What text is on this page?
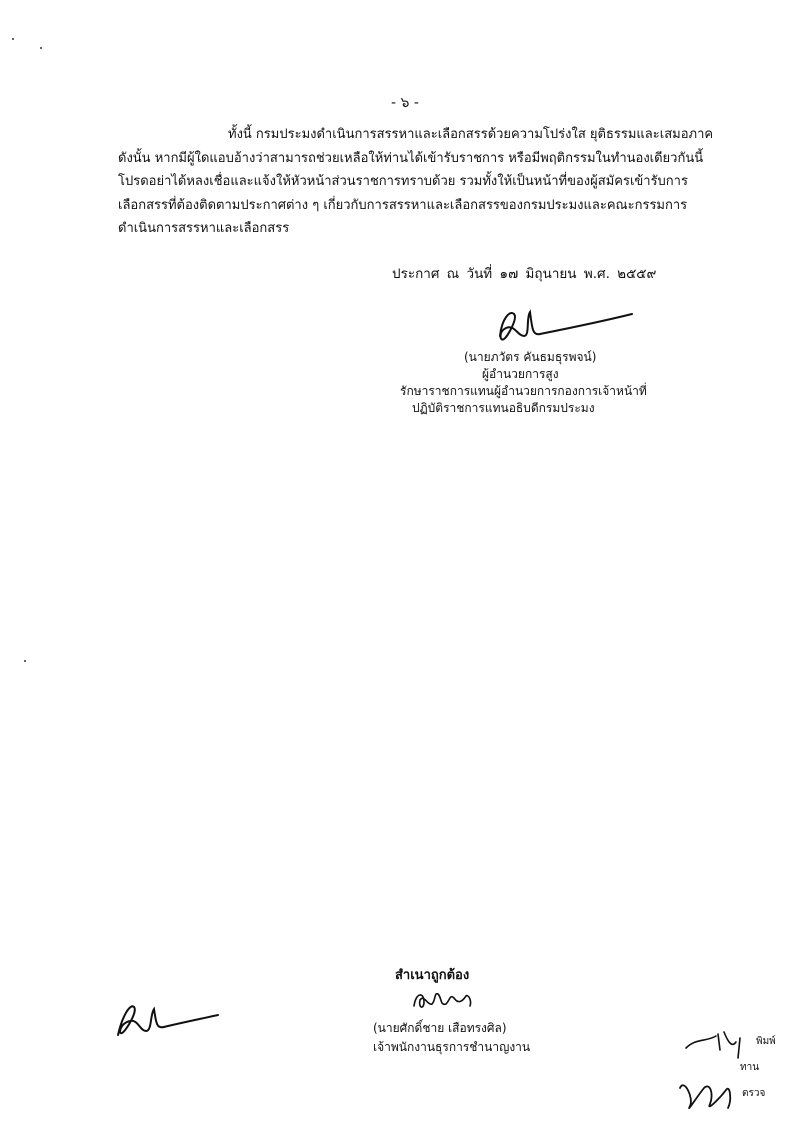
- ๖ -
ทั้งนี้ กรมประมงดำเนินการสรรหาและเลือกสรรด้วยความโปร่งใส ยุติธรรมและเสมอภาค
ดังนั้น หากมีผู้ใดแอบอ้างว่าสามารถช่วยเหลือให้ท่านได้เข้ารับราชการ หรือมีพฤติกรรมในทำนองเดียวกันนี้
โปรดอย่าได้หลงเชื่อและแจ้งให้หัวหน้าส่วนราชการทราบด้วย รวมทั้งให้เป็นหน้าที่ของผู้สมัครเข้ารับการ
เลือกสรรที่ต้องติดตามประกาศต่าง ๆ เกี่ยวกับการสรรหาและเลือกสรรของกรมประมงและคณะกรรมการ
ดำเนินการสรรหาและเลือกสรร
ประกาศ ณ วันที่ ๑๗ มิถุนายน พ.ศ. ๒๕๕๙
(นายภวัตร คันธมธุรพจน์)
ผู้อำนวยการสูง
รักษาราชการแทนผู้อำนวยการกองการเจ้าหน้าที่
ปฏิบัติราชการแทนอธิบดีกรมประมง
สำเนาถูกต้อง
(นายศักดิ์ชาย เสือทรงศิล)
เจ้าพนักงานธุรการชำนาญงาน	พิมพ์
ทาน
ตรวจ
